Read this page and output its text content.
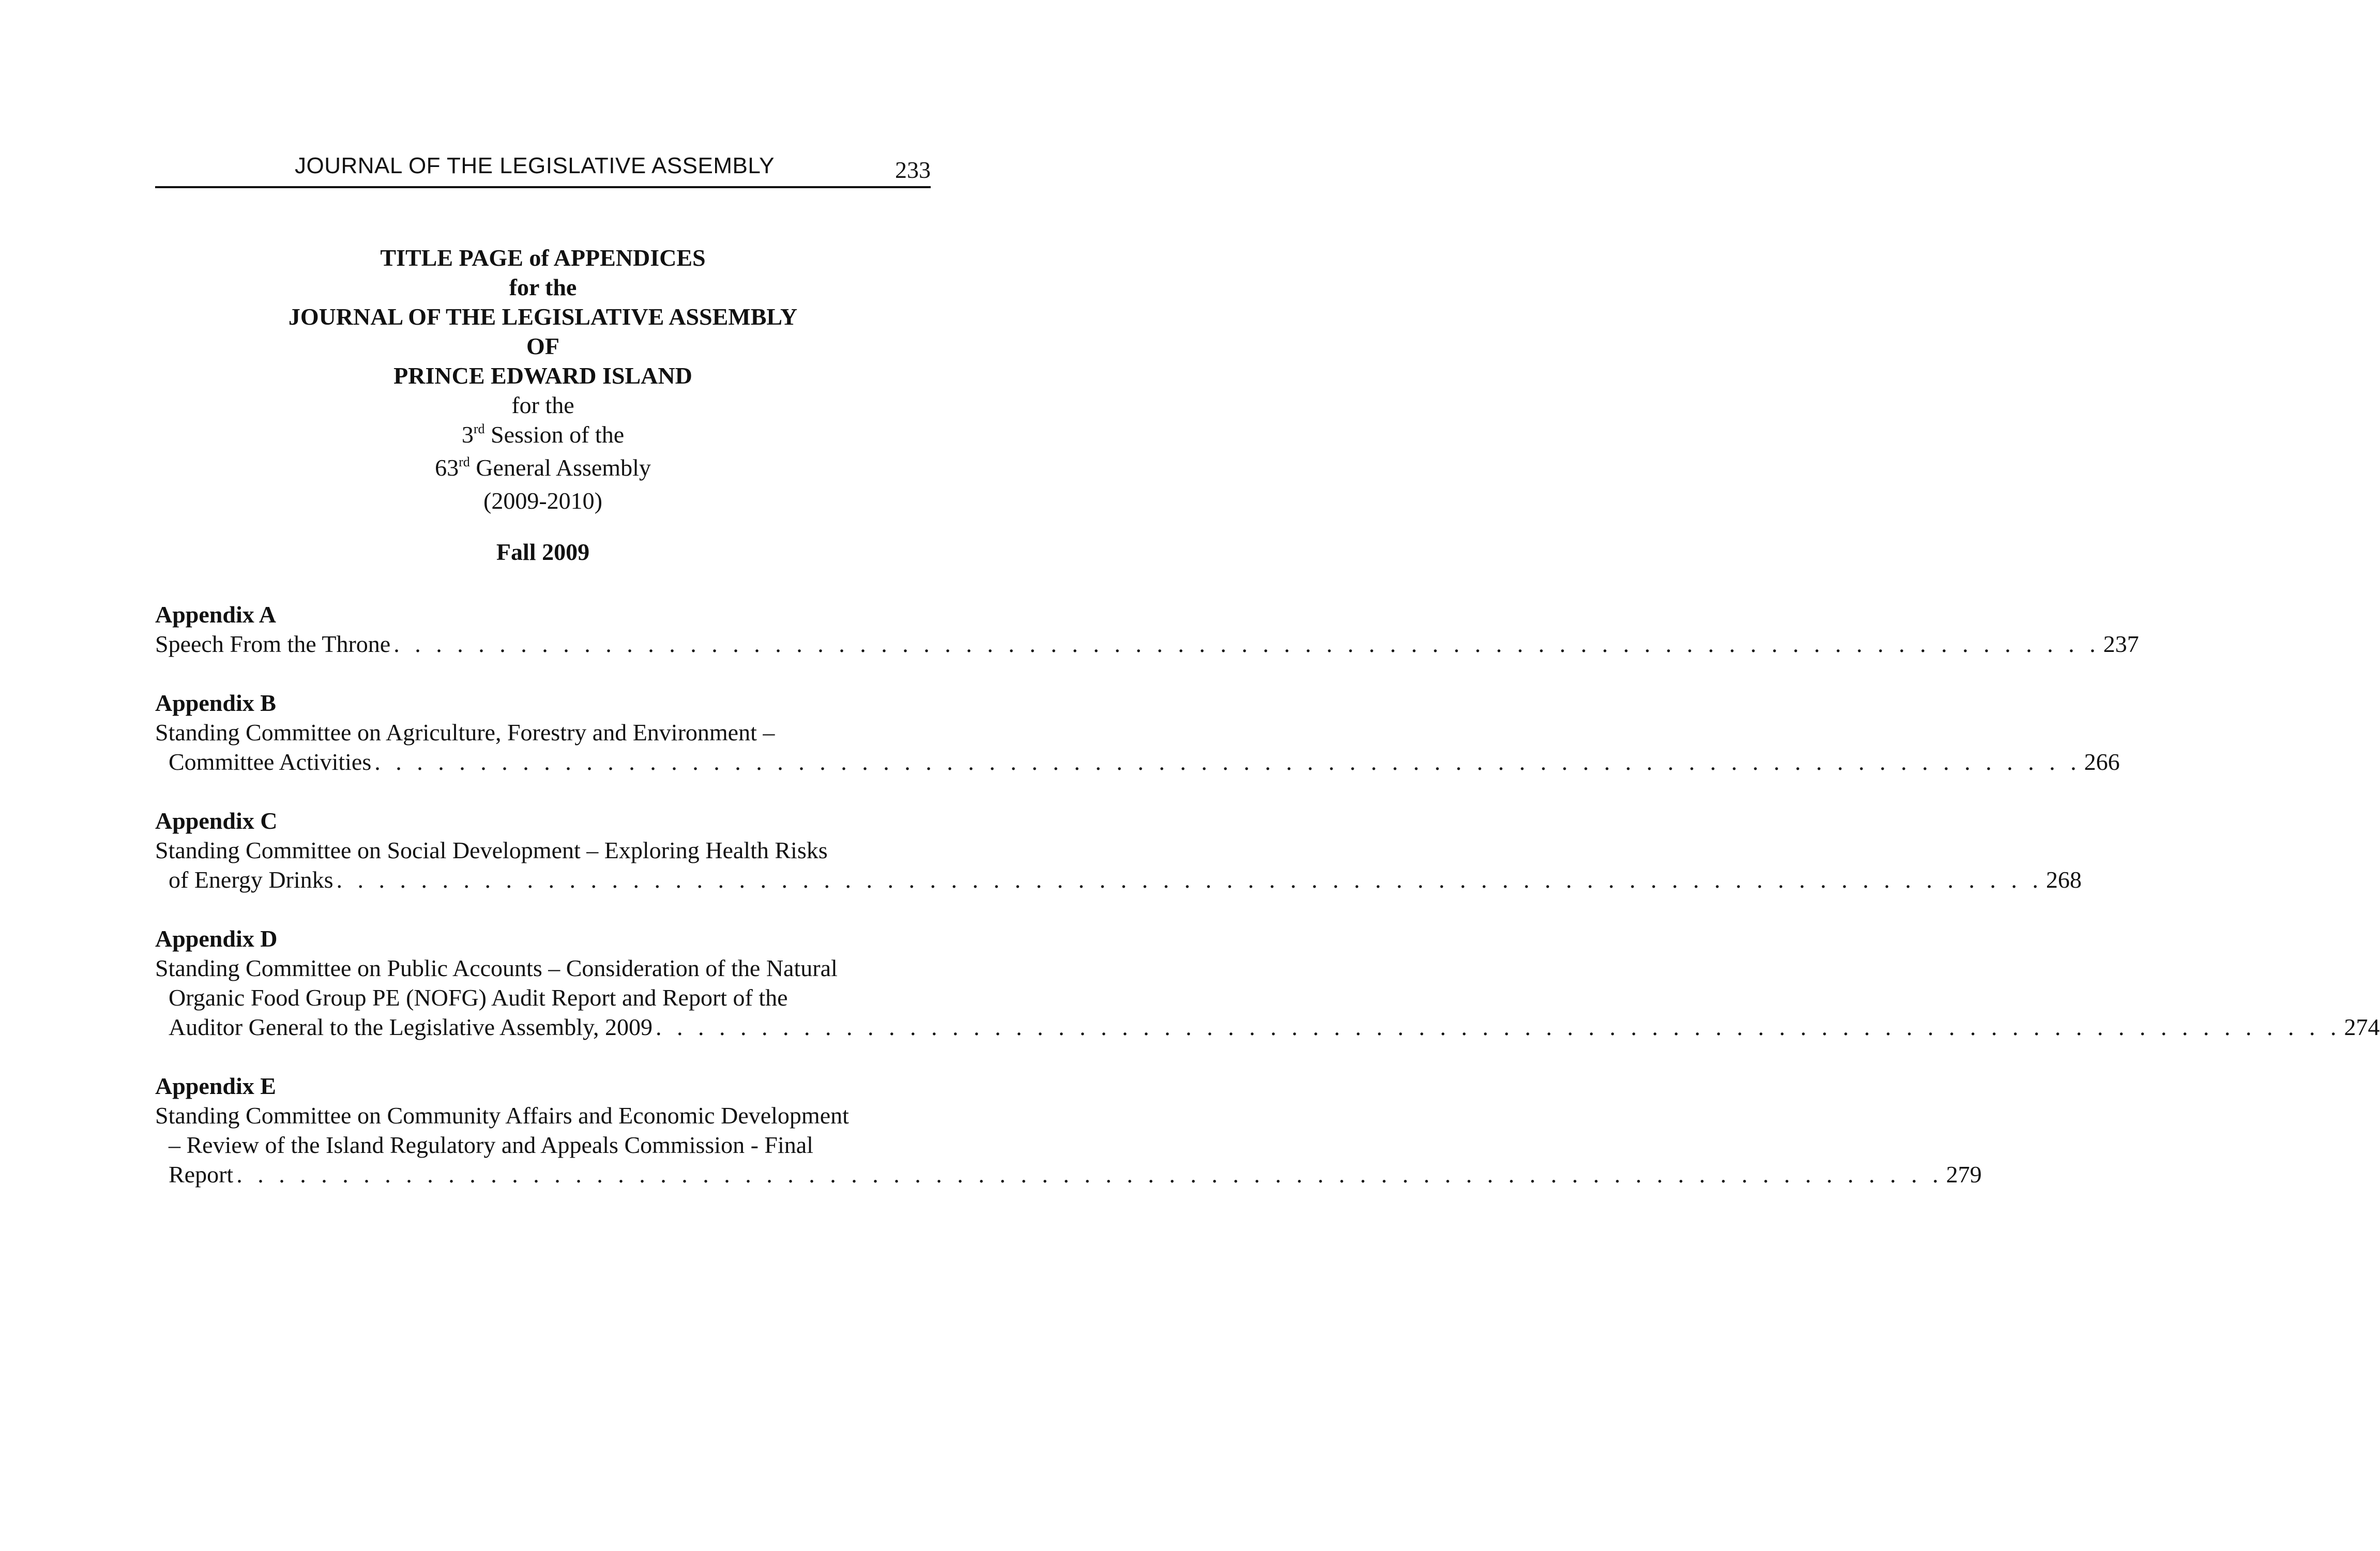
JOURNAL OF THE LEGISLATIVE ASSEMBLY	233
TITLE PAGE of APPENDICES
for the
JOURNAL OF THE LEGISLATIVE ASSEMBLY
OF
PRINCE EDWARD ISLAND
for the
3rd Session of the
63rd General Assembly
(2009-2010)
Fall 2009
Appendix A
Speech From the Throne . . . . . . . . . . . . . . . . . . . . . . . . . . . . . . . . . . . . . . . . . . . . . . . . . . . . . . . . . . . . . . . . . . . . . . . . . . . . . . . . . 237
Appendix B
Standing Committee on Agriculture, Forestry and Environment –
Committee Activities . . . . . . . . . . . . . . . . . . . . . . . . . . . . . . . . . . . . . . . . . . . . . . . . . . . . . . . . . . . . . . . . . . . . . . . . . . . . . . . . . 266
Appendix C
Standing Committee on Social Development – Exploring Health Risks
of Energy Drinks . . . . . . . . . . . . . . . . . . . . . . . . . . . . . . . . . . . . . . . . . . . . . . . . . . . . . . . . . . . . . . . . . . . . . . . . . . . . . . . . . 268
Appendix D
Standing Committee on Public Accounts – Consideration of the Natural
Organic Food Group PE (NOFG) Audit Report and Report of the
Auditor General to the Legislative Assembly, 2009 . . . . . . . . . . . . . . . . . . . . . . . . . . . . . . . . . . . . . . . . . . . . . . . . . . . . . . . . . . . . . . . . . . . . . . . . . . . . . . . . 274
Appendix E
Standing Committee on Community Affairs and Economic Development
– Review of the Island Regulatory and Appeals Commission - Final
Report . . . . . . . . . . . . . . . . . . . . . . . . . . . . . . . . . . . . . . . . . . . . . . . . . . . . . . . . . . . . . . . . . . . . . . . . . . . . . . . . . 279
